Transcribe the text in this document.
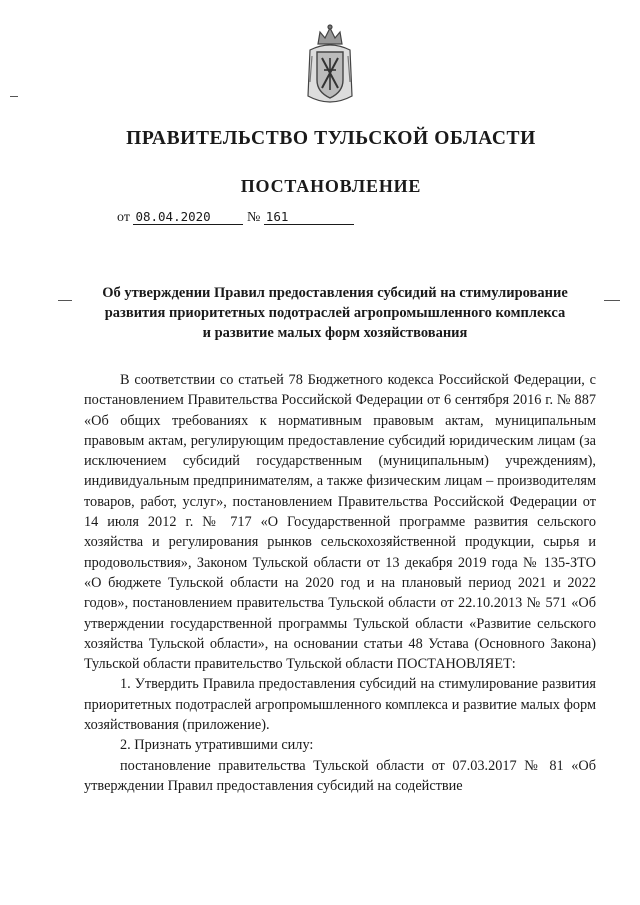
ПРАВИТЕЛЬСТВО ТУЛЬСКОЙ ОБЛАСТИ
ПОСТАНОВЛЕНИЕ
от 08.04.2020	№ 161
Об утверждении Правил предоставления субсидий на стимулирование
развития приоритетных подотраслей агропромышленного комплекса
и развитие малых форм хозяйствования

В соответствии со статьей 78 Бюджетного кодекса Российской Федерации, с постановлением Правительства Российской Федерации от 6 сентября 2016 г. № 887 «Об общих требованиях к нормативным правовым актам, муниципальным правовым актам, регулирующим предоставление субсидий юридическим лицам (за исключением субсидий государственным (муниципальным) учреждениям), индивидуальным предпринимателям, а также физическим лицам – производителям товаров, работ, услуг», постановлением Правительства Российской Федерации от 14 июля 2012 г. № 717 «О Государственной программе развития сельского хозяйства и регулирования рынков сельскохозяйственной продукции, сырья и продовольствия», Законом Тульской области от 13 декабря 2019 года № 135-ЗТО «О бюджете Тульской области на 2020 год и на плановый период 2021 и 2022 годов», постановлением правительства Тульской области от 22.10.2013 № 571 «Об утверждении государственной программы Тульской области «Развитие сельского хозяйства Тульской области», на основании статьи 48 Устава (Основного Закона) Тульской области правительство Тульской области ПОСТАНОВЛЯЕТ:

1. Утвердить Правила предоставления субсидий на стимулирование развития приоритетных подотраслей агропромышленного комплекса и развитие малых форм хозяйствования (приложение).

2. Признать утратившими силу:

постановление правительства Тульской области от 07.03.2017 № 81 «Об утверждении Правил предоставления субсидий на содействие
